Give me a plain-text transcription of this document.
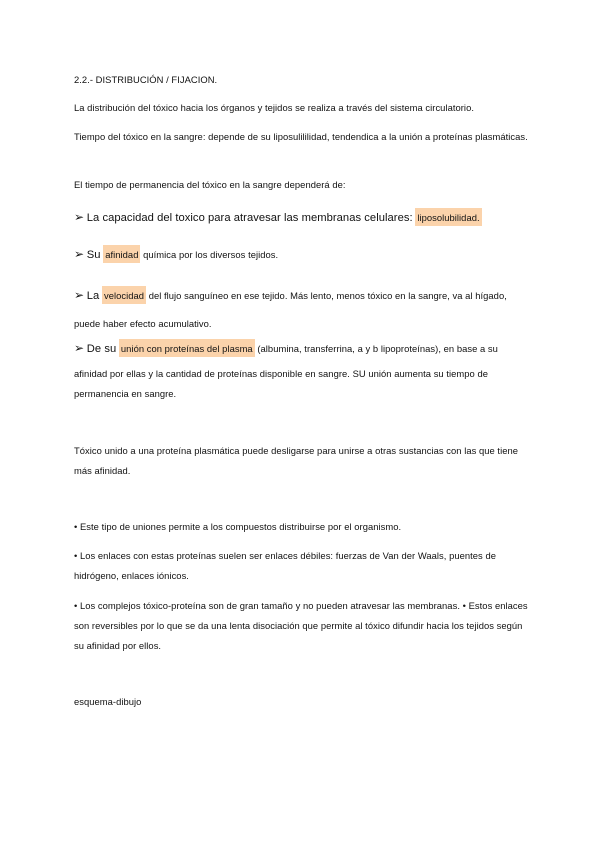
2.2.- DISTRIBUCIÓN / FIJACION.

La distribución del tóxico hacia los órganos y tejidos se realiza a través del sistema circulatorio.

Tiempo del tóxico en la sangre: depende de su liposulililidad, tendendica a la unión a proteínas plasmáticas.

El tiempo de permanencia del tóxico en la sangre dependerá de:

➢ La capacidad del toxico para atravesar las membranas celulares: liposolubilidad.

➢ Su afinidad química por los diversos tejidos.

➢ La velocidad del flujo sanguíneo en ese tejido. Más lento, menos tóxico en la sangre, va al hígado,

puede haber efecto acumulativo.

➢ De su unión con proteínas del plasma (albumina, transferrina, a y b lipoproteínas), en base a su

afinidad por ellas y la cantidad de proteínas disponible en sangre. SU unión aumenta su tiempo de permanencia en sangre.

Tóxico unido a una proteína plasmática puede desligarse para unirse a otras sustancias con las que tiene más afinidad.

• Este tipo de uniones permite a los compuestos distribuirse por el organismo.

• Los enlaces con estas proteínas suelen ser enlaces débiles: fuerzas de Van der Waals, puentes de hidrógeno, enlaces iónicos.

• Los complejos tóxico-proteína son de gran tamaño y no pueden atravesar las membranas. • Estos enlaces son reversibles por lo que se da una lenta disociación que permite al tóxico difundir hacia los tejidos según su afinidad por ellos.

esquema-dibujo
